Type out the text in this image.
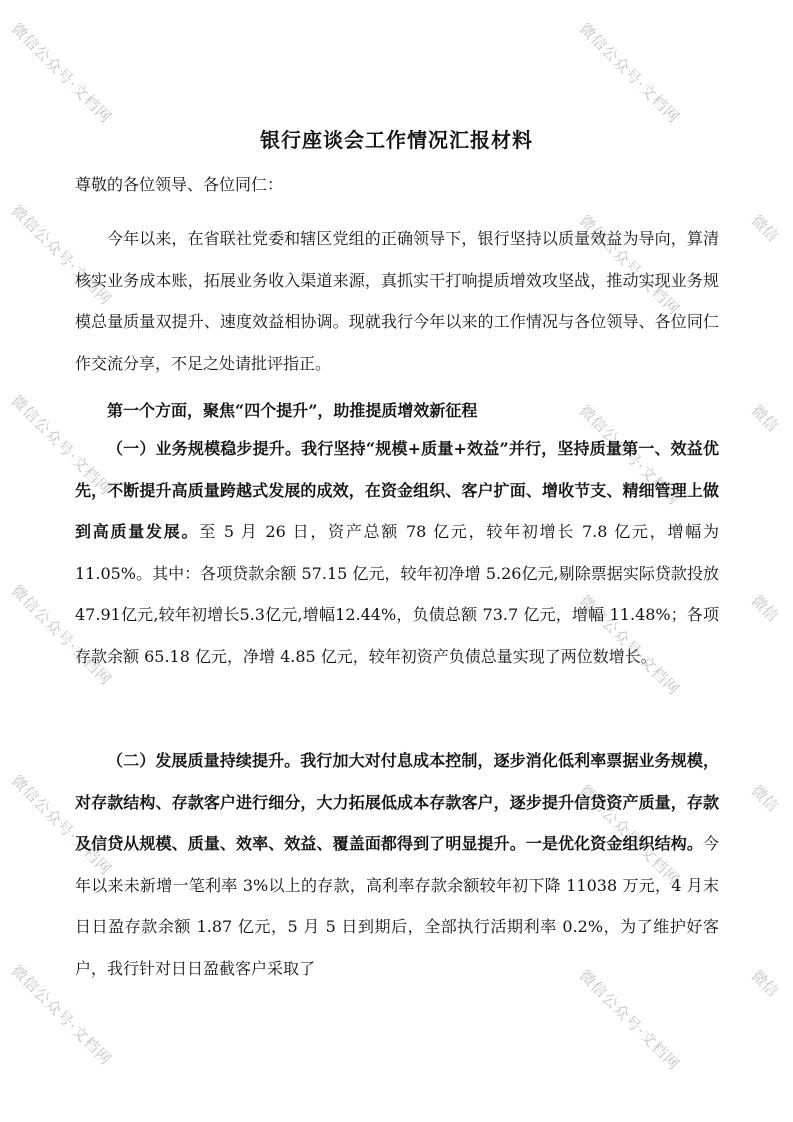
微信公众号·文档网	微信公众号·文档网
微信公众号·文档网	微信公众号·文档网
微信公众号·文档网	微信公众号·文档网
微信公众号·文档网	微信公众号·文档网
微信公众号·文档网	微信公众号·文档网
微信公众号·文档网	微信公众号·文档网
微信
微信
微信
微信
微信
银行座谈会工作情况汇报材料
尊敬的各位领导、各位同仁：

今年以来，在省联社党委和辖区党组的正确领导下，银行坚持以质量效益为导向，算清核实业务成本账，拓展业务收入渠道来源，真抓实干打响提质增效攻坚战，推动实现业务规模总量质量双提升、速度效益相协调。现就我行今年以来的工作情况与各位领导、各位同仁作交流分享，不足之处请批评指正。

第一个方面，聚焦“四个提升”，助推提质增效新征程

（一）业务规模稳步提升。我行坚持“规模+质量+效益”并行，坚持质量第一、效益优先，不断提升高质量跨越式发展的成效，在资金组织、客户扩面、增收节支、精细管理上做到高质量发展。至 5 月 26 日，资产总额 78 亿元，较年初增长 7.8 亿元，增幅为 11.05%。其中：各项贷款余额 57.15 亿元，较年初净增 5.26亿元,剔除票据实际贷款投放47.91亿元,较年初增长5.3亿元,增幅12.44%，负债总额 73.7 亿元，增幅 11.48%；各项存款余额 65.18 亿元，净增 4.85 亿元，较年初资产负债总量实现了两位数增长。

（二）发展质量持续提升。我行加大对付息成本控制，逐步消化低利率票据业务规模，对存款结构、存款客户进行细分，大力拓展低成本存款客户，逐步提升信贷资产质量，存款及信贷从规模、质量、效率、效益、覆盖面都得到了明显提升。一是优化资金组织结构。今年以来未新增一笔利率 3%以上的存款，高利率存款余额较年初下降 11038 万元，4 月末日日盈存款余额 1.87 亿元，5 月 5 日到期后，全部执行活期利率 0.2%，为了维护好客户，我行针对日日盈截客户采取了
